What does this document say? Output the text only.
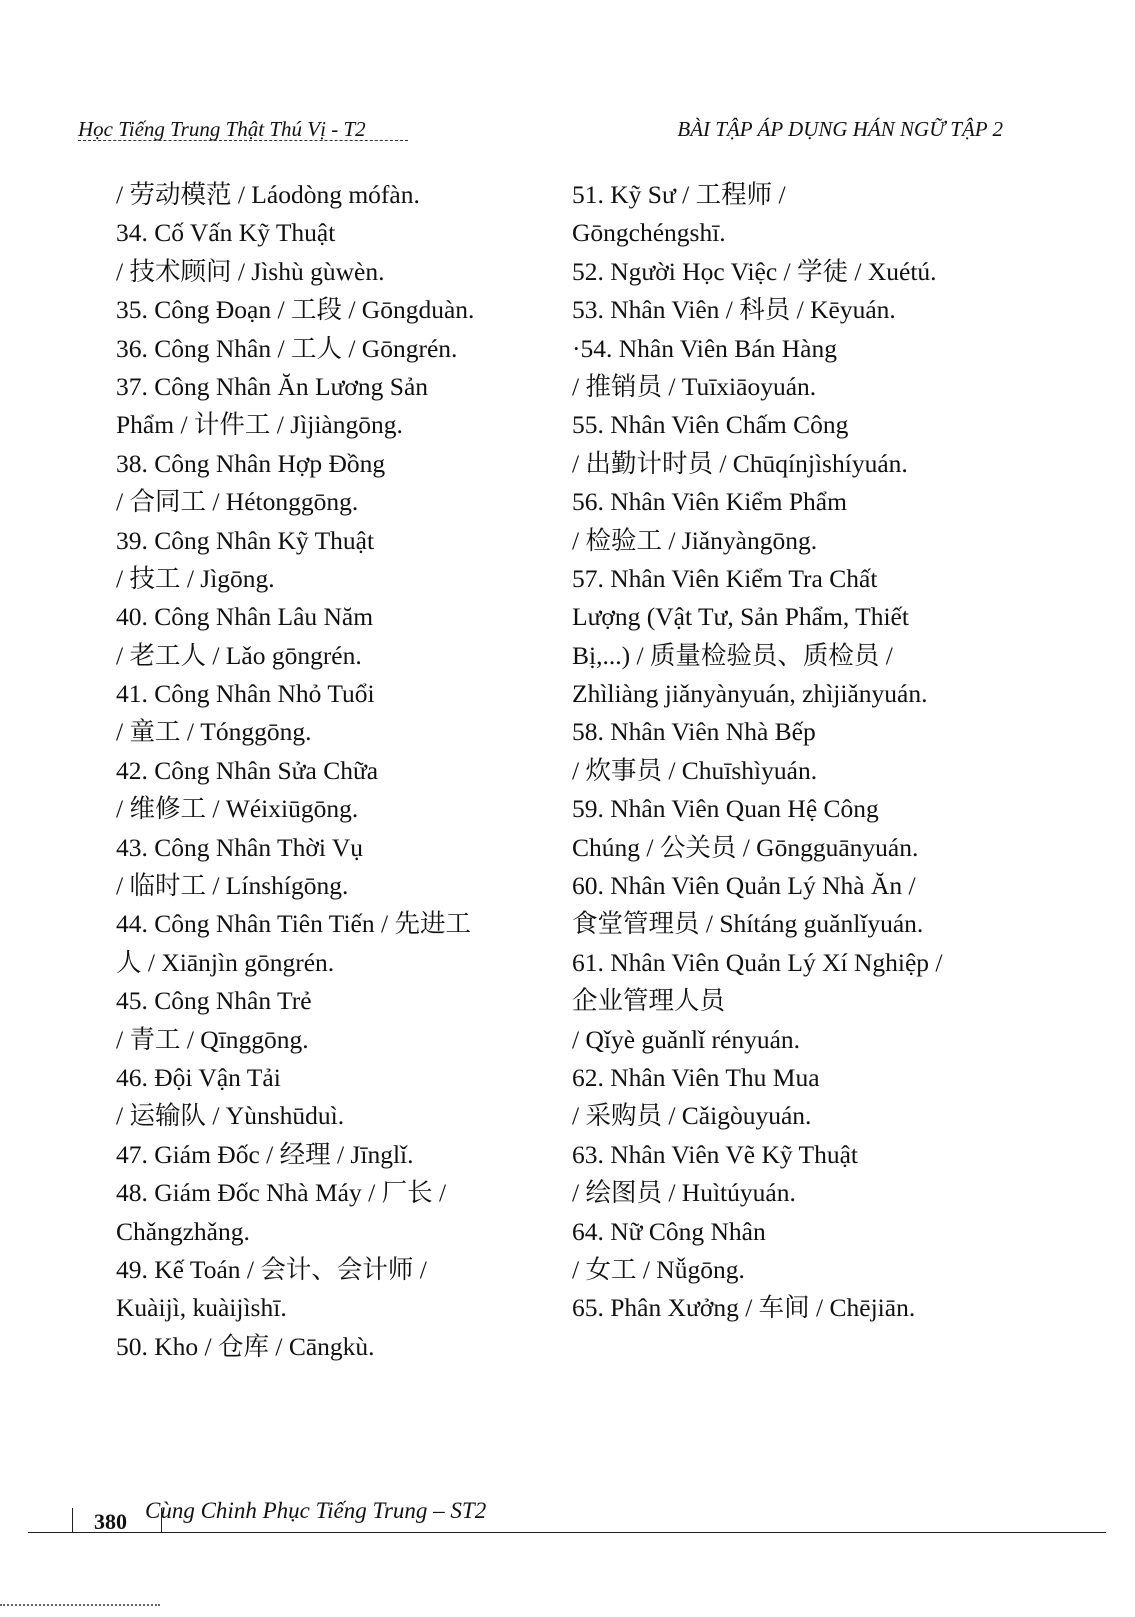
Học Tiếng Trung Thật Thú Vị - T2	BÀI TẬP ÁP DỤNG HÁN NGỮ TẬP 2
/ 劳动模范 / Láodòng mófàn.
34. Cố Vấn Kỹ Thuật
/ 技术顾问 / Jìshù gùwèn.
35. Công Đoạn / 工段 / Gōngduàn.
36. Công Nhân / 工人 / Gōngrén.
37. Công Nhân Ăn Lương Sản
Phẩm / 计件工 / Jìjiàngōng.
38. Công Nhân Hợp Đồng
/ 合同工 / Hétonggōng.
39. Công Nhân Kỹ Thuật
/ 技工 / Jìgōng.
40. Công Nhân Lâu Năm
/ 老工人 / Lǎo gōngrén.
41. Công Nhân Nhỏ Tuổi
/ 童工 / Tónggōng.
42. Công Nhân Sửa Chữa
/ 维修工 / Wéixiūgōng.
43. Công Nhân Thời Vụ
/ 临时工 / Línshígōng.
44. Công Nhân Tiên Tiến / 先进工
人 / Xiānjìn gōngrén.
45. Công Nhân Trẻ
/ 青工 / Qīnggōng.
46. Đội Vận Tải
/ 运输队 / Yùnshūduì.
47. Giám Đốc / 经理 / Jīnglǐ.
48. Giám Đốc Nhà Máy / 厂长 /
Chǎngzhǎng.
49. Kế Toán / 会计、会计师 /
Kuàijì, kuàijìshī.
50. Kho / 仓库 / Cāngkù.
51. Kỹ Sư / 工程师 /
Gōngchéngshī.
52. Người Học Việc / 学徒 / Xuétú.
53. Nhân Viên / 科员 / Kēyuán.
·54. Nhân Viên Bán Hàng
/ 推销员 / Tuīxiāoyuán.
55. Nhân Viên Chấm Công
/ 出勤计时员 / Chūqínjìshíyuán.
56. Nhân Viên Kiểm Phẩm
/ 检验工 / Jiǎnyàngōng.
57. Nhân Viên Kiểm Tra Chất
Lượng (Vật Tư, Sản Phẩm, Thiết
Bị,...) / 质量检验员、质检员 /
Zhìliàng jiǎnyànyuán, zhìjiǎnyuán.
58. Nhân Viên Nhà Bếp
/ 炊事员 / Chuīshìyuán.
59. Nhân Viên Quan Hệ Công
Chúng / 公关员 / Gōngguānyuán.
60. Nhân Viên Quản Lý Nhà Ăn /
食堂管理员 / Shítáng guǎnlǐyuán.
61. Nhân Viên Quản Lý Xí Nghiệp /
企业管理人员
/ Qǐyè guǎnlǐ rényuán.
62. Nhân Viên Thu Mua
/ 采购员 / Cǎigòuyuán.
63. Nhân Viên Vẽ Kỹ Thuật
/ 绘图员 / Huìtúyuán.
64. Nữ Công Nhân
/ 女工 / Nǚgōng.
65. Phân Xưởng / 车间 / Chējiān.
Cùng Chinh Phục Tiếng Trung – ST2
380
